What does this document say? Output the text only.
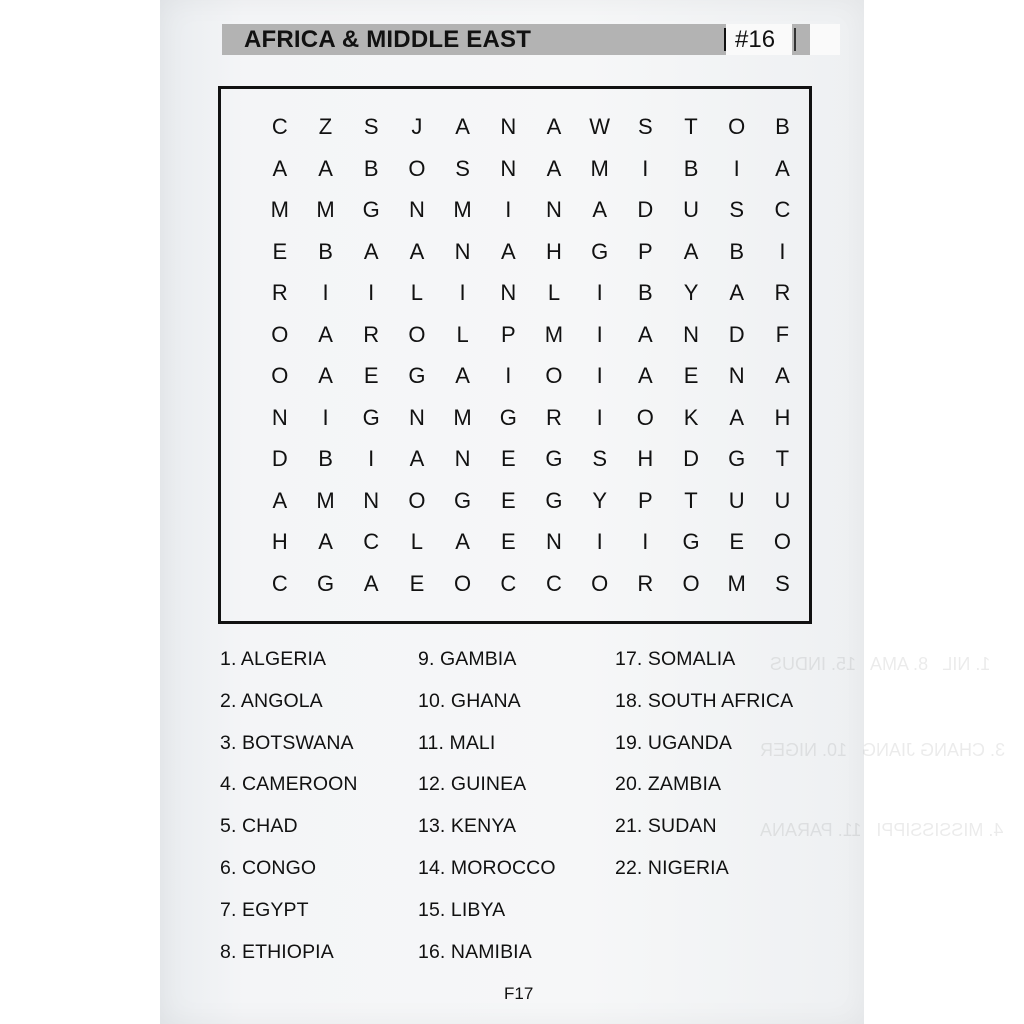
1. NIL   8. AMA   15. INDUS
3. CHANG JIANG   10. NIGER
4. MISSISSIPPI   11. PARANA
AFRICA & MIDDLE EAST	#16
C	Z	S	J	A	N	A	W	S	T	O	B
A	A	B	O	S	N	A	M	I	B	I	A
M	M	G	N	M	I	N	A	D	U	S	C
E	B	A	A	N	A	H	G	P	A	B	I
R	I	I	L	I	N	L	I	B	Y	A	R
O	A	R	O	L	P	M	I	A	N	D	F
O	A	E	G	A	I	O	I	A	E	N	A
N	I	G	N	M	G	R	I	O	K	A	H
D	B	I	A	N	E	G	S	H	D	G	T
A	M	N	O	G	E	G	Y	P	T	U	U
H	A	C	L	A	E	N	I	I	G	E	O
C	G	A	E	O	C	C	O	R	O	M	S
1. ALGERIA
2. ANGOLA
3. BOTSWANA
4. CAMEROON
5. CHAD
6. CONGO
7. EGYPT
8. ETHIOPIA
9. GAMBIA
10. GHANA
11. MALI
12. GUINEA
13. KENYA
14. MOROCCO
15. LIBYA
16. NAMIBIA
17. SOMALIA
18. SOUTH AFRICA
19. UGANDA
20. ZAMBIA
21. SUDAN
22. NIGERIA
F17
